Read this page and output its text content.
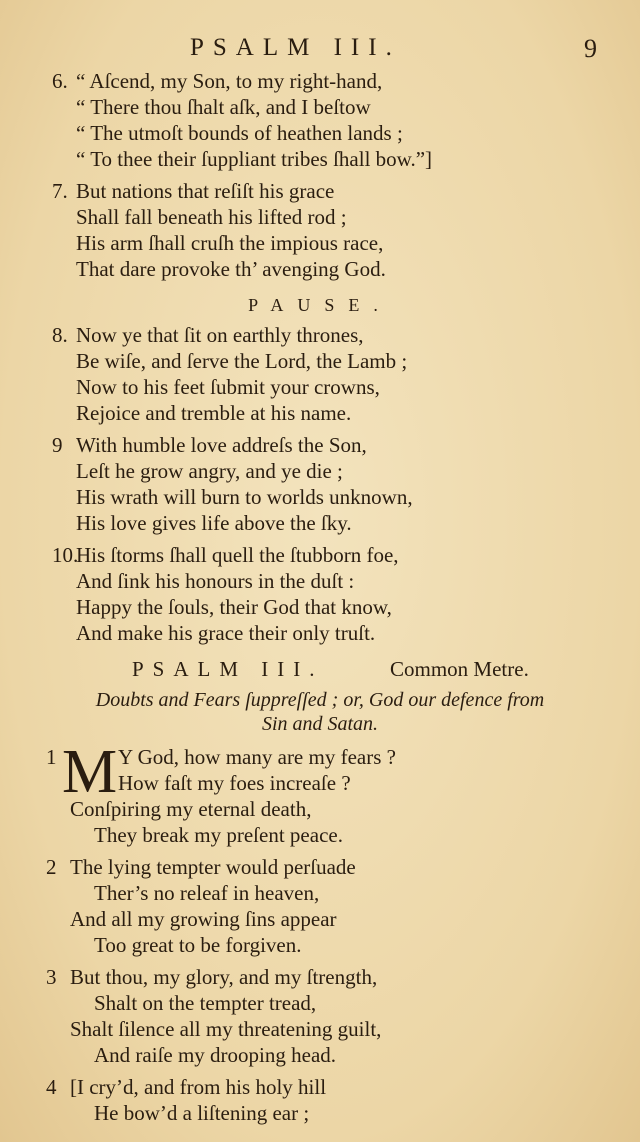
PSALM III.	9
6. “ Aſcend, my Son, to my right-hand,
“ There thou ſhalt aſk, and I beſtow
“ The utmoſt bounds of heathen lands ;
“ To thee their ſuppliant tribes ſhall bow.”]
7. But nations that reſiſt his grace
Shall fall beneath his lifted rod ;
His arm ſhall cruſh the impious race,
That dare provoke th’ avenging God.
PAUSE.
8. Now ye that ſit on earthly thrones,
Be wiſe, and ſerve the Lord, the Lamb ;
Now to his feet ſubmit your crowns,
Rejoice and tremble at his name.
9 With humble love addreſs the Son,
Leſt he grow angry, and ye die ;
His wrath will burn to worlds unknown,
His love gives life above the ſky.
10.
His ſtorms ſhall quell the ſtubborn foe,
And ſink his honours in the duſt :
Happy the ſouls, their God that know,
And make his grace their only truſt.
PSALM III.	Common Metre.
Doubts and Fears ſuppreſſed ; or, God our defence from
Sin and Satan.
M
1	Y God, how many are my fears ?
How faſt my foes increaſe ?
Conſpiring my eternal death,
They break my preſent peace.
2 The lying tempter would perſuade
Ther’s no releaf in heaven,
And all my growing ſins appear
Too great to be forgiven.
3 But thou, my glory, and my ſtrength,
Shalt on the tempter tread,
Shalt ſilence all my threatening guilt,
And raiſe my drooping head.
4 [I cry’d, and from his holy hill
He bow’d a liſtening ear ;
